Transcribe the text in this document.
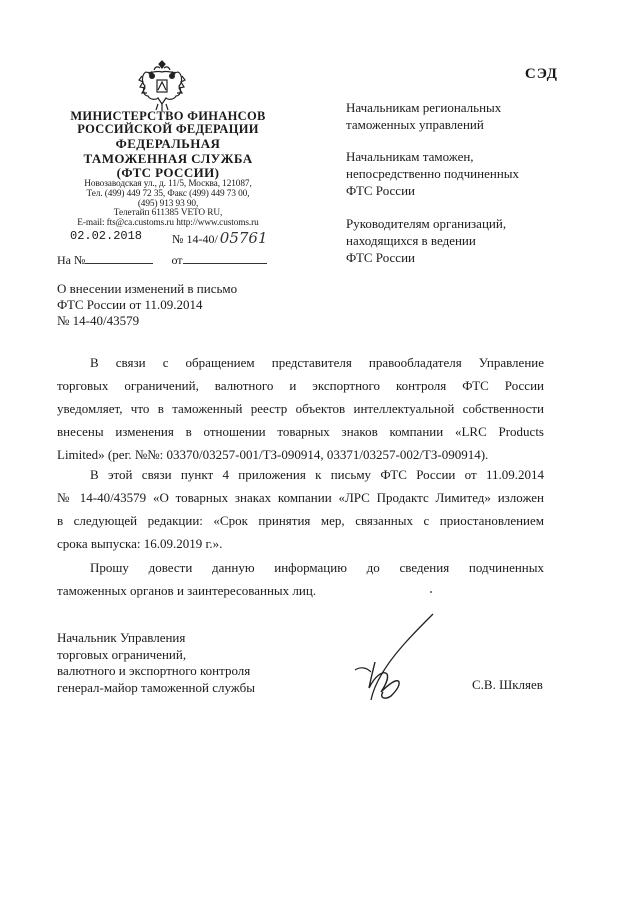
СЭД
МИНИСТЕРСТВО ФИНАНСОВ
РОССИЙСКОЙ ФЕДЕРАЦИИ
ФЕДЕРАЛЬНАЯ
ТАМОЖЕННАЯ СЛУЖБА
(ФТС РОССИИ)
Новозаводская ул., д. 11/5, Москва, 121087,
Тел. (499) 449 72 35, Факс (499) 449 73 00,
(495) 913 93 90,
Телетайп 611385 VETO RU,
E-mail: fts@ca.customs.ru http://www.customs.ru
02.02.2018 № 14-40/ 05761
На №	от
Начальникам региональных
таможенных управлений
Начальникам таможен,
непосредственно подчиненных
ФТС России
Руководителям организаций,
находящихся в ведении
ФТС России
О внесении изменений в письмо
ФТС России от 11.09.2014
№ 14-40/43579
В связи с обращением представителя правообладателя Управление
торговых ограничений, валютного и экспортного контроля ФТС России
уведомляет, что в таможенный реестр объектов интеллектуальной собственности
внесены изменения в отношении товарных знаков компании «LRC Products
Limited» (рег. №№: 03370/03257-001/ТЗ-090914, 03371/03257-002/ТЗ-090914).
В этой связи пункт 4 приложения к письму ФТС России от 11.09.2014
№ 14-40/43579 «О товарных знаках компании «ЛРС Продактс Лимитед» изложен
в следующей редакции: «Срок принятия мер, связанных с приостановлением
срока выпуска: 16.09.2019 г.».
Прошу довести данную информацию до сведения подчиненных
таможенных органов и заинтересованных лиц.
Начальник Управления
торговых ограничений,
валютного и экспортного контроля
генерал-майор таможенной службы	С.В. Шкляев
